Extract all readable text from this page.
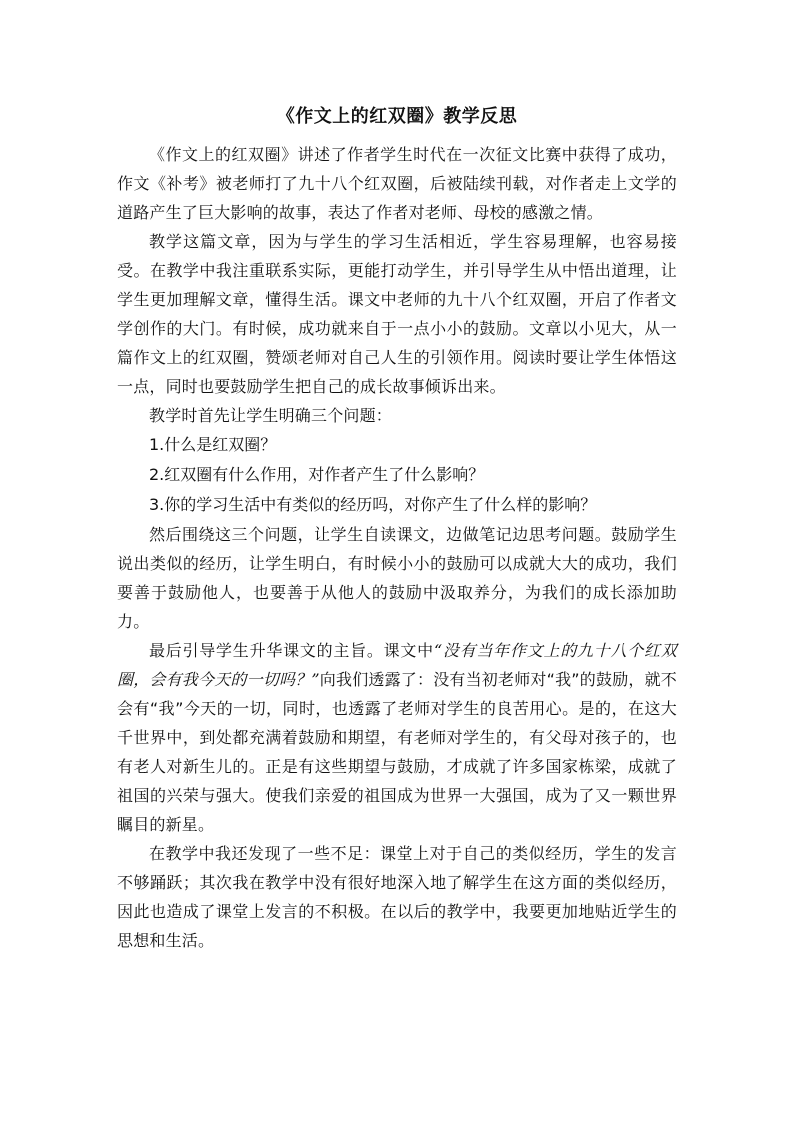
《作文上的红双圈》教学反思

《作文上的红双圈》讲述了作者学生时代在一次征文比赛中获得了成功，作文《补考》被老师打了九十八个红双圈，后被陆续刊载，对作者走上文学的道路产生了巨大影响的故事，表达了作者对老师、母校的感激之情。

教学这篇文章，因为与学生的学习生活相近，学生容易理解，也容易接受。在教学中我注重联系实际，更能打动学生，并引导学生从中悟出道理，让学生更加理解文章，懂得生活。课文中老师的九十八个红双圈，开启了作者文学创作的大门。有时候，成功就来自于一点小小的鼓励。文章以小见大，从一篇作文上的红双圈，赞颂老师对自己人生的引领作用。阅读时要让学生体悟这一点，同时也要鼓励学生把自己的成长故事倾诉出来。

教学时首先让学生明确三个问题：

1.什么是红双圈？

2.红双圈有什么作用，对作者产生了什么影响？

3.你的学习生活中有类似的经历吗，对你产生了什么样的影响？

然后围绕这三个问题，让学生自读课文，边做笔记边思考问题。鼓励学生说出类似的经历，让学生明白，有时候小小的鼓励可以成就大大的成功，我们要善于鼓励他人，也要善于从他人的鼓励中汲取养分，为我们的成长添加助力。

最后引导学生升华课文的主旨。课文中“没有当年作文上的九十八个红双圈，会有我今天的一切吗？”向我们透露了：没有当初老师对“我”的鼓励，就不会有“我”今天的一切，同时，也透露了老师对学生的良苦用心。是的，在这大千世界中，到处都充满着鼓励和期望，有老师对学生的，有父母对孩子的，也有老人对新生儿的。正是有这些期望与鼓励，才成就了许多国家栋梁，成就了祖国的兴荣与强大。使我们亲爱的祖国成为世界一大强国，成为了又一颗世界瞩目的新星。

在教学中我还发现了一些不足：课堂上对于自己的类似经历，学生的发言不够踊跃；其次我在教学中没有很好地深入地了解学生在这方面的类似经历，因此也造成了课堂上发言的不积极。在以后的教学中，我要更加地贴近学生的思想和生活。
